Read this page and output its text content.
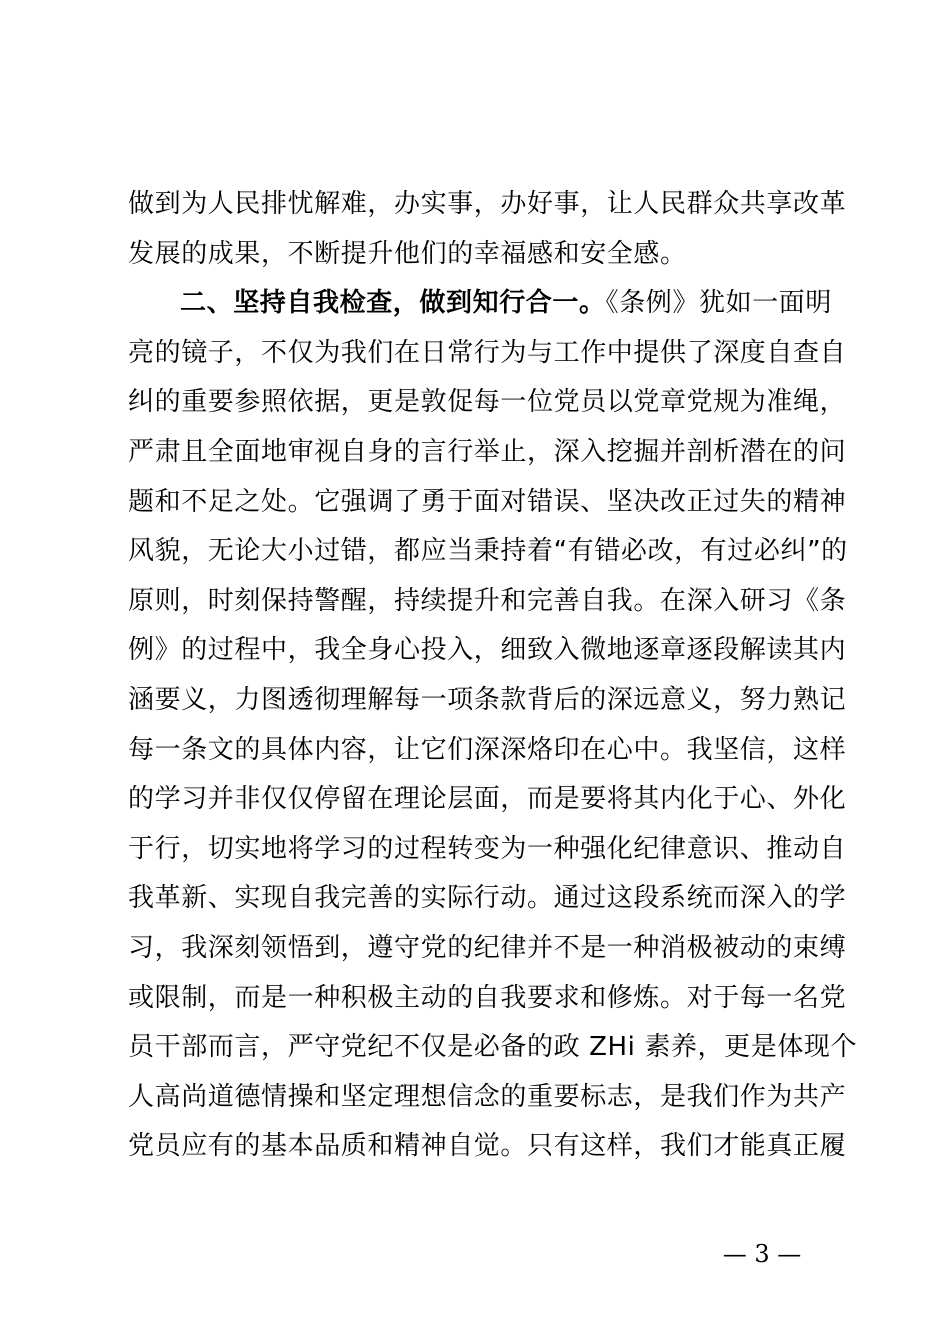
做到为人民排忧解难，办实事，办好事，让人民群众共享改革
发展的成果，不断提升他们的幸福感和安全感。
二、坚持自我检查，做到知行合一。《条例》犹如一面明
亮的镜子，不仅为我们在日常行为与工作中提供了深度自查自
纠的重要参照依据，更是敦促每一位党员以党章党规为准绳，
严肃且全面地审视自身的言行举止，深入挖掘并剖析潜在的问
题和不足之处。它强调了勇于面对错误、坚决改正过失的精神
风貌，无论大小过错，都应当秉持着“有错必改，有过必纠”的
原则，时刻保持警醒，持续提升和完善自我。在深入研习《条
例》的过程中，我全身心投入，细致入微地逐章逐段解读其内
涵要义，力图透彻理解每一项条款背后的深远意义，努力熟记
每一条文的具体内容，让它们深深烙印在心中。我坚信，这样
的学习并非仅仅停留在理论层面，而是要将其内化于心、外化
于行，切实地将学习的过程转变为一种强化纪律意识、推动自
我革新、实现自我完善的实际行动。通过这段系统而深入的学
习，我深刻领悟到，遵守党的纪律并不是一种消极被动的束缚
或限制，而是一种积极主动的自我要求和修炼。对于每一名党
员干部而言，严守党纪不仅是必备的政 ZHi 素养，更是体现个
人高尚道德情操和坚定理想信念的重要标志，是我们作为共产
党员应有的基本品质和精神自觉。只有这样，我们才能真正履
— 3 —
